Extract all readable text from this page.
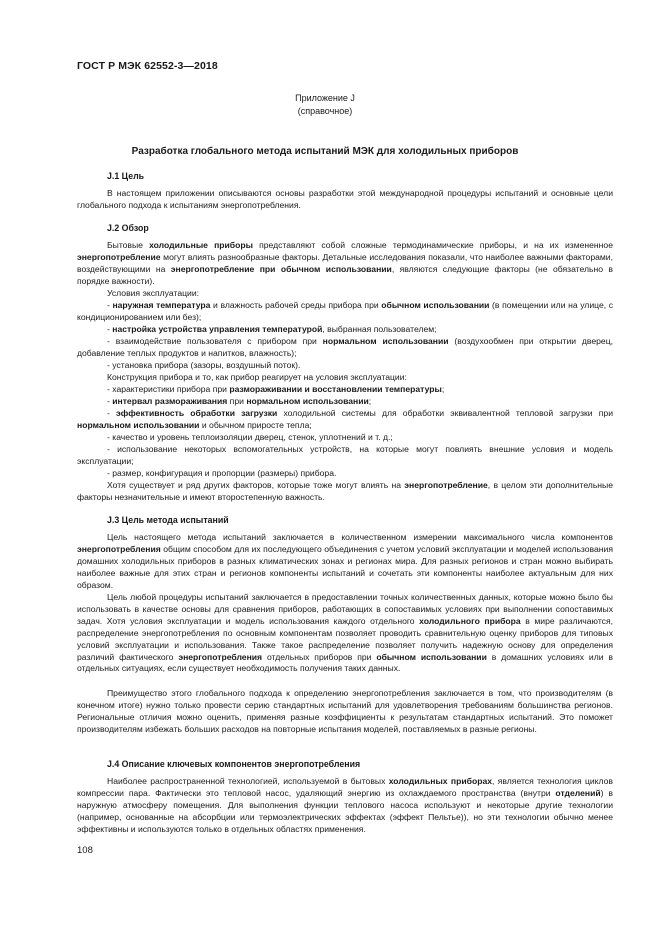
ГОСТ Р МЭК 62552-3—2018
Приложение J
(справочное)
Разработка глобального метода испытаний МЭК для холодильных приборов
J.1 Цель

В настоящем приложении описываются основы разработки этой международной процедуры испытаний и основные цели глобального подхода к испытаниям энергопотребления.

J.2 Обзор

Бытовые холодильные приборы представляют собой сложные термодинамические приборы, и на их измененное энергопотребление могут влиять разнообразные факторы. Детальные исследования показали, что наиболее важными факторами, воздействующими на энергопотребление при обычном использовании, являются следующие факторы (не обязательно в порядке важности).

Условия эксплуатации:

- наружная температура и влажность рабочей среды прибора при обычном использовании (в помещении или на улице, с кондиционированием или без);

- настройка устройства управления температурой, выбранная пользователем;

- взаимодействие пользователя с прибором при нормальном использовании (воздухообмен при открытии дверец, добавление теплых продуктов и напитков, влажность);

- установка прибора (зазоры, воздушный поток).

Конструкция прибора и то, как прибор реагирует на условия эксплуатации:

- характеристики прибора при размораживании и восстановлении температуры;

- интервал размораживания при нормальном использовании;

- эффективность обработки загрузки холодильной системы для обработки эквивалентной тепловой загрузки при нормальном использовании и обычном приросте тепла;

- качество и уровень теплоизоляции дверец, стенок, уплотнений и т. д.;

- использование некоторых вспомогательных устройств, на которые могут повлиять внешние условия и модель эксплуатации;

- размер, конфигурация и пропорции (размеры) прибора.

Хотя существует и ряд других факторов, которые тоже могут влиять на энергопотребление, в целом эти дополнительные факторы незначительные и имеют второстепенную важность.

J.3 Цель метода испытаний

Цель настоящего метода испытаний заключается в количественном измерении максимального числа компонентов энергопотребления общим способом для их последующего объединения с учетом условий эксплуатации и моделей использования домашних холодильных приборов в разных климатических зонах и регионах мира. Для разных регионов и стран можно выбирать наиболее важные для этих стран и регионов компоненты испытаний и сочетать эти компоненты наиболее актуальным для них образом.

Цель любой процедуры испытаний заключается в предоставлении точных количественных данных, которые можно было бы использовать в качестве основы для сравнения приборов, работающих в сопоставимых условиях при выполнении сопоставимых задач. Хотя условия эксплуатации и модель использования каждого отдельного холодильного прибора в мире различаются, распределение энергопотребления по основным компонентам позволяет проводить сравнительную оценку приборов для типовых условий эксплуатации и использования. Также такое распределение позволяет получить надежную основу для определения различий фактического энергопотребления отдельных приборов при обычном использовании в домашних условиях или в отдельных ситуациях, если существует необходимость получения таких данных.

Преимущество этого глобального подхода к определению энергопотребления заключается в том, что производителям (в конечном итоге) нужно только провести серию стандартных испытаний для удовлетворения требованиям большинства регионов. Региональные отличия можно оценить, применяя разные коэффициенты к результатам стандартных испытаний. Это поможет производителям избежать больших расходов на повторные испытания моделей, поставляемых в разные регионы.

J.4 Описание ключевых компонентов энергопотребления

Наиболее распространенной технологией, используемой в бытовых холодильных приборах, является технология циклов компрессии пара. Фактически это тепловой насос, удаляющий энергию из охлаждаемого пространства (внутри отделений) в наружную атмосферу помещения. Для выполнения функции теплового насоса используют и некоторые другие технологии (например, основанные на абсорбции или термоэлектрических эффектах (эффект Пельтье)), но эти технологии обычно менее эффективны и используются только в отдельных областях применения.

108
